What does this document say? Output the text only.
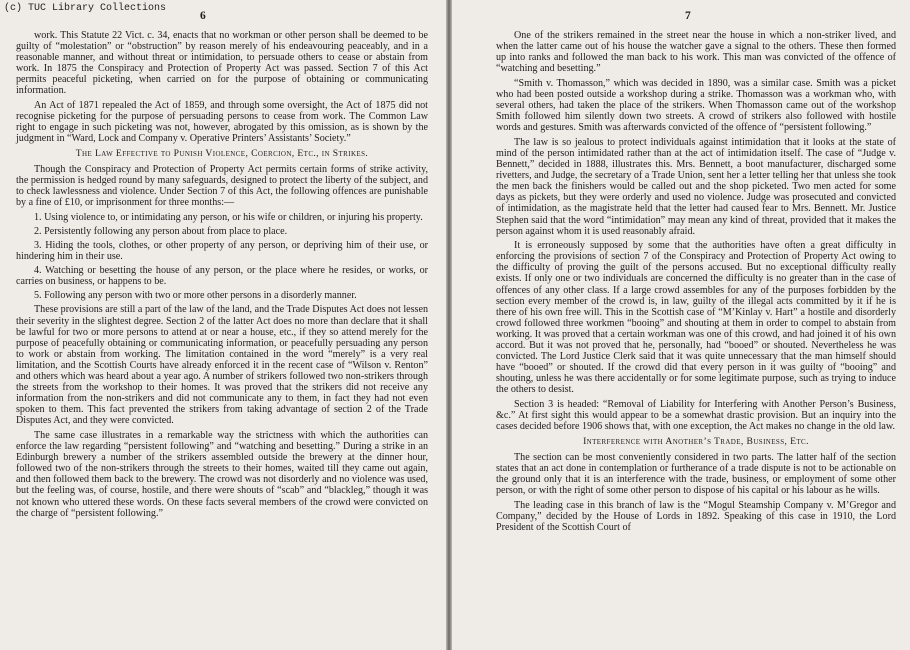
(c) TUC Library Collections
6

work. This Statute 22 Vict. c. 34, enacts that no workman or other person shall be deemed to be guilty of “molestation” or “obstruction” by reason merely of his endeavouring peaceably, and in a reasonable manner, and without threat or intimidation, to persuade others to cease or abstain from work. In 1875 the Conspiracy and Protection of Property Act was passed. Section 7 of this Act permits peaceful picketing, when carried on for the purpose of obtaining or communicating information.

An Act of 1871 repealed the Act of 1859, and through some oversight, the Act of 1875 did not recognise picketing for the purpose of persuading persons to cease from work. The Common Law right to engage in such picketing was not, however, abrogated by this omission, as is shown by the judgment in “Ward, Lock and Company v. Operative Printers’ Assistants’ Society.”

The Law Effective to Punish Violence, Coercion, Etc., in Strikes.

Though the Conspiracy and Protection of Property Act permits certain forms of strike activity, the permission is hedged round by many safeguards, designed to protect the liberty of the subject, and to check lawlessness and violence. Under Section 7 of this Act, the following offences are punishable by a fine of £10, or imprisonment for three months:—

1. Using violence to, or intimidating any person, or his wife or children, or injuring his property.

2. Persistently following any person about from place to place.

3. Hiding the tools, clothes, or other property of any person, or depriving him of their use, or hindering him in their use.

4. Watching or besetting the house of any person, or the place where he resides, or works, or carries on business, or happens to be.

5. Following any person with two or more other persons in a disorderly manner.

These provisions are still a part of the law of the land, and the Trade Disputes Act does not lessen their severity in the slightest degree. Section 2 of the latter Act does no more than declare that it shall be lawful for two or more persons to attend at or near a house, etc., if they so attend merely for the purpose of peacefully obtaining or communicating information, or peacefully persuading any person to work or abstain from working. The limitation contained in the word “merely” is a very real limitation, and the Scottish Courts have already enforced it in the recent case of “Wilson v. Renton” and others which was heard about a year ago. A number of strikers followed two non-strikers through the streets from the workshop to their homes. It was proved that the strikers did not receive any information from the non-strikers and did not communicate any to them, in fact they had not even spoken to them. This fact prevented the strikers from taking advantage of section 2 of the Trade Disputes Act, and they were convicted.

The same case illustrates in a remarkable way the strictness with which the authorities can enforce the law regarding “persistent following” and “watching and besetting.” During a strike in an Edinburgh brewery a number of the strikers assembled outside the brewery at the dinner hour, followed two of the non-strikers through the streets to their homes, waited till they came out again, and then followed them back to the brewery. The crowd was not disorderly and no violence was used, but the feeling was, of course, hostile, and there were shouts of “scab” and “blackleg,” though it was not known who uttered these words. On these facts several members of the crowd were convicted on the charge of “persistent following.”

7

One of the strikers remained in the street near the house in which a non-striker lived, and when the latter came out of his house the watcher gave a signal to the others. These then formed up into ranks and followed the man back to his work. This man was convicted of the offence of “watching and besetting.”

“Smith v. Thomasson,” which was decided in 1890, was a similar case. Smith was a picket who had been posted outside a workshop during a strike. Thomasson was a workman who, with several others, had taken the place of the strikers. When Thomasson came out of the workshop Smith followed him silently down two streets. A crowd of strikers also followed with hostile words and gestures. Smith was afterwards convicted of the offence of “persistent following.”

The law is so jealous to protect individuals against intimidation that it looks at the state of mind of the person intimidated rather than at the act of intimidation itself. The case of “Judge v. Bennett,” decided in 1888, illustrates this. Mrs. Bennett, a boot manufacturer, discharged some rivetters, and Judge, the secretary of a Trade Union, sent her a letter telling her that unless she took the men back the finishers would be called out and the shop picketed. Two men acted for some days as pickets, but they were orderly and used no violence. Judge was prosecuted and convicted of intimidation, as the magistrate held that the letter had caused fear to Mrs. Bennett. Mr. Justice Stephen said that the word “intimidation” may mean any kind of threat, provided that it makes the person against whom it is used reasonably afraid.

It is erroneously supposed by some that the authorities have often a great difficulty in enforcing the provisions of section 7 of the Conspiracy and Protection of Property Act owing to the difficulty of proving the guilt of the persons accused. But no exceptional difficulty really exists. If only one or two individuals are concerned the difficulty is no greater than in the case of offences of any other class. If a large crowd assembles for any of the purposes forbidden by the section every member of the crowd is, in law, guilty of the illegal acts committed by it if he is there of his own free will. This in the Scottish case of “M’Kinlay v. Hart” a hostile and disorderly crowd followed three workmen “booing” and shouting at them in order to compel to abstain from working. It was proved that a certain workman was one of this crowd, and had joined it of his own accord. But it was not proved that he, personally, had “booed” or shouted. Nevertheless he was convicted. The Lord Justice Clerk said that it was quite unnecessary that the man himself should have “booed” or shouted. If the crowd did that every person in it was guilty of “booing” and shouting, unless he was there accidentally or for some legitimate purpose, such as trying to induce the others to desist.

Section 3 is headed: “Removal of Liability for Interfering with Another Person’s Business, &c.” At first sight this would appear to be a somewhat drastic provision. But an inquiry into the cases decided before 1906 shows that, with one exception, the Act makes no change in the old law.

Interference with Another’s Trade, Business, Etc.

The section can be most conveniently considered in two parts. The latter half of the section states that an act done in contemplation or furtherance of a trade dispute is not to be actionable on the ground only that it is an interference with the trade, business, or employment of some other person, or with the right of some other person to dispose of his capital or his labour as he wills.

The leading case in this branch of law is the “Mogul Steamship Company v. M’Gregor and Company,” decided by the House of Lords in 1892. Speaking of this case in 1910, the Lord President of the Scottish Court of
